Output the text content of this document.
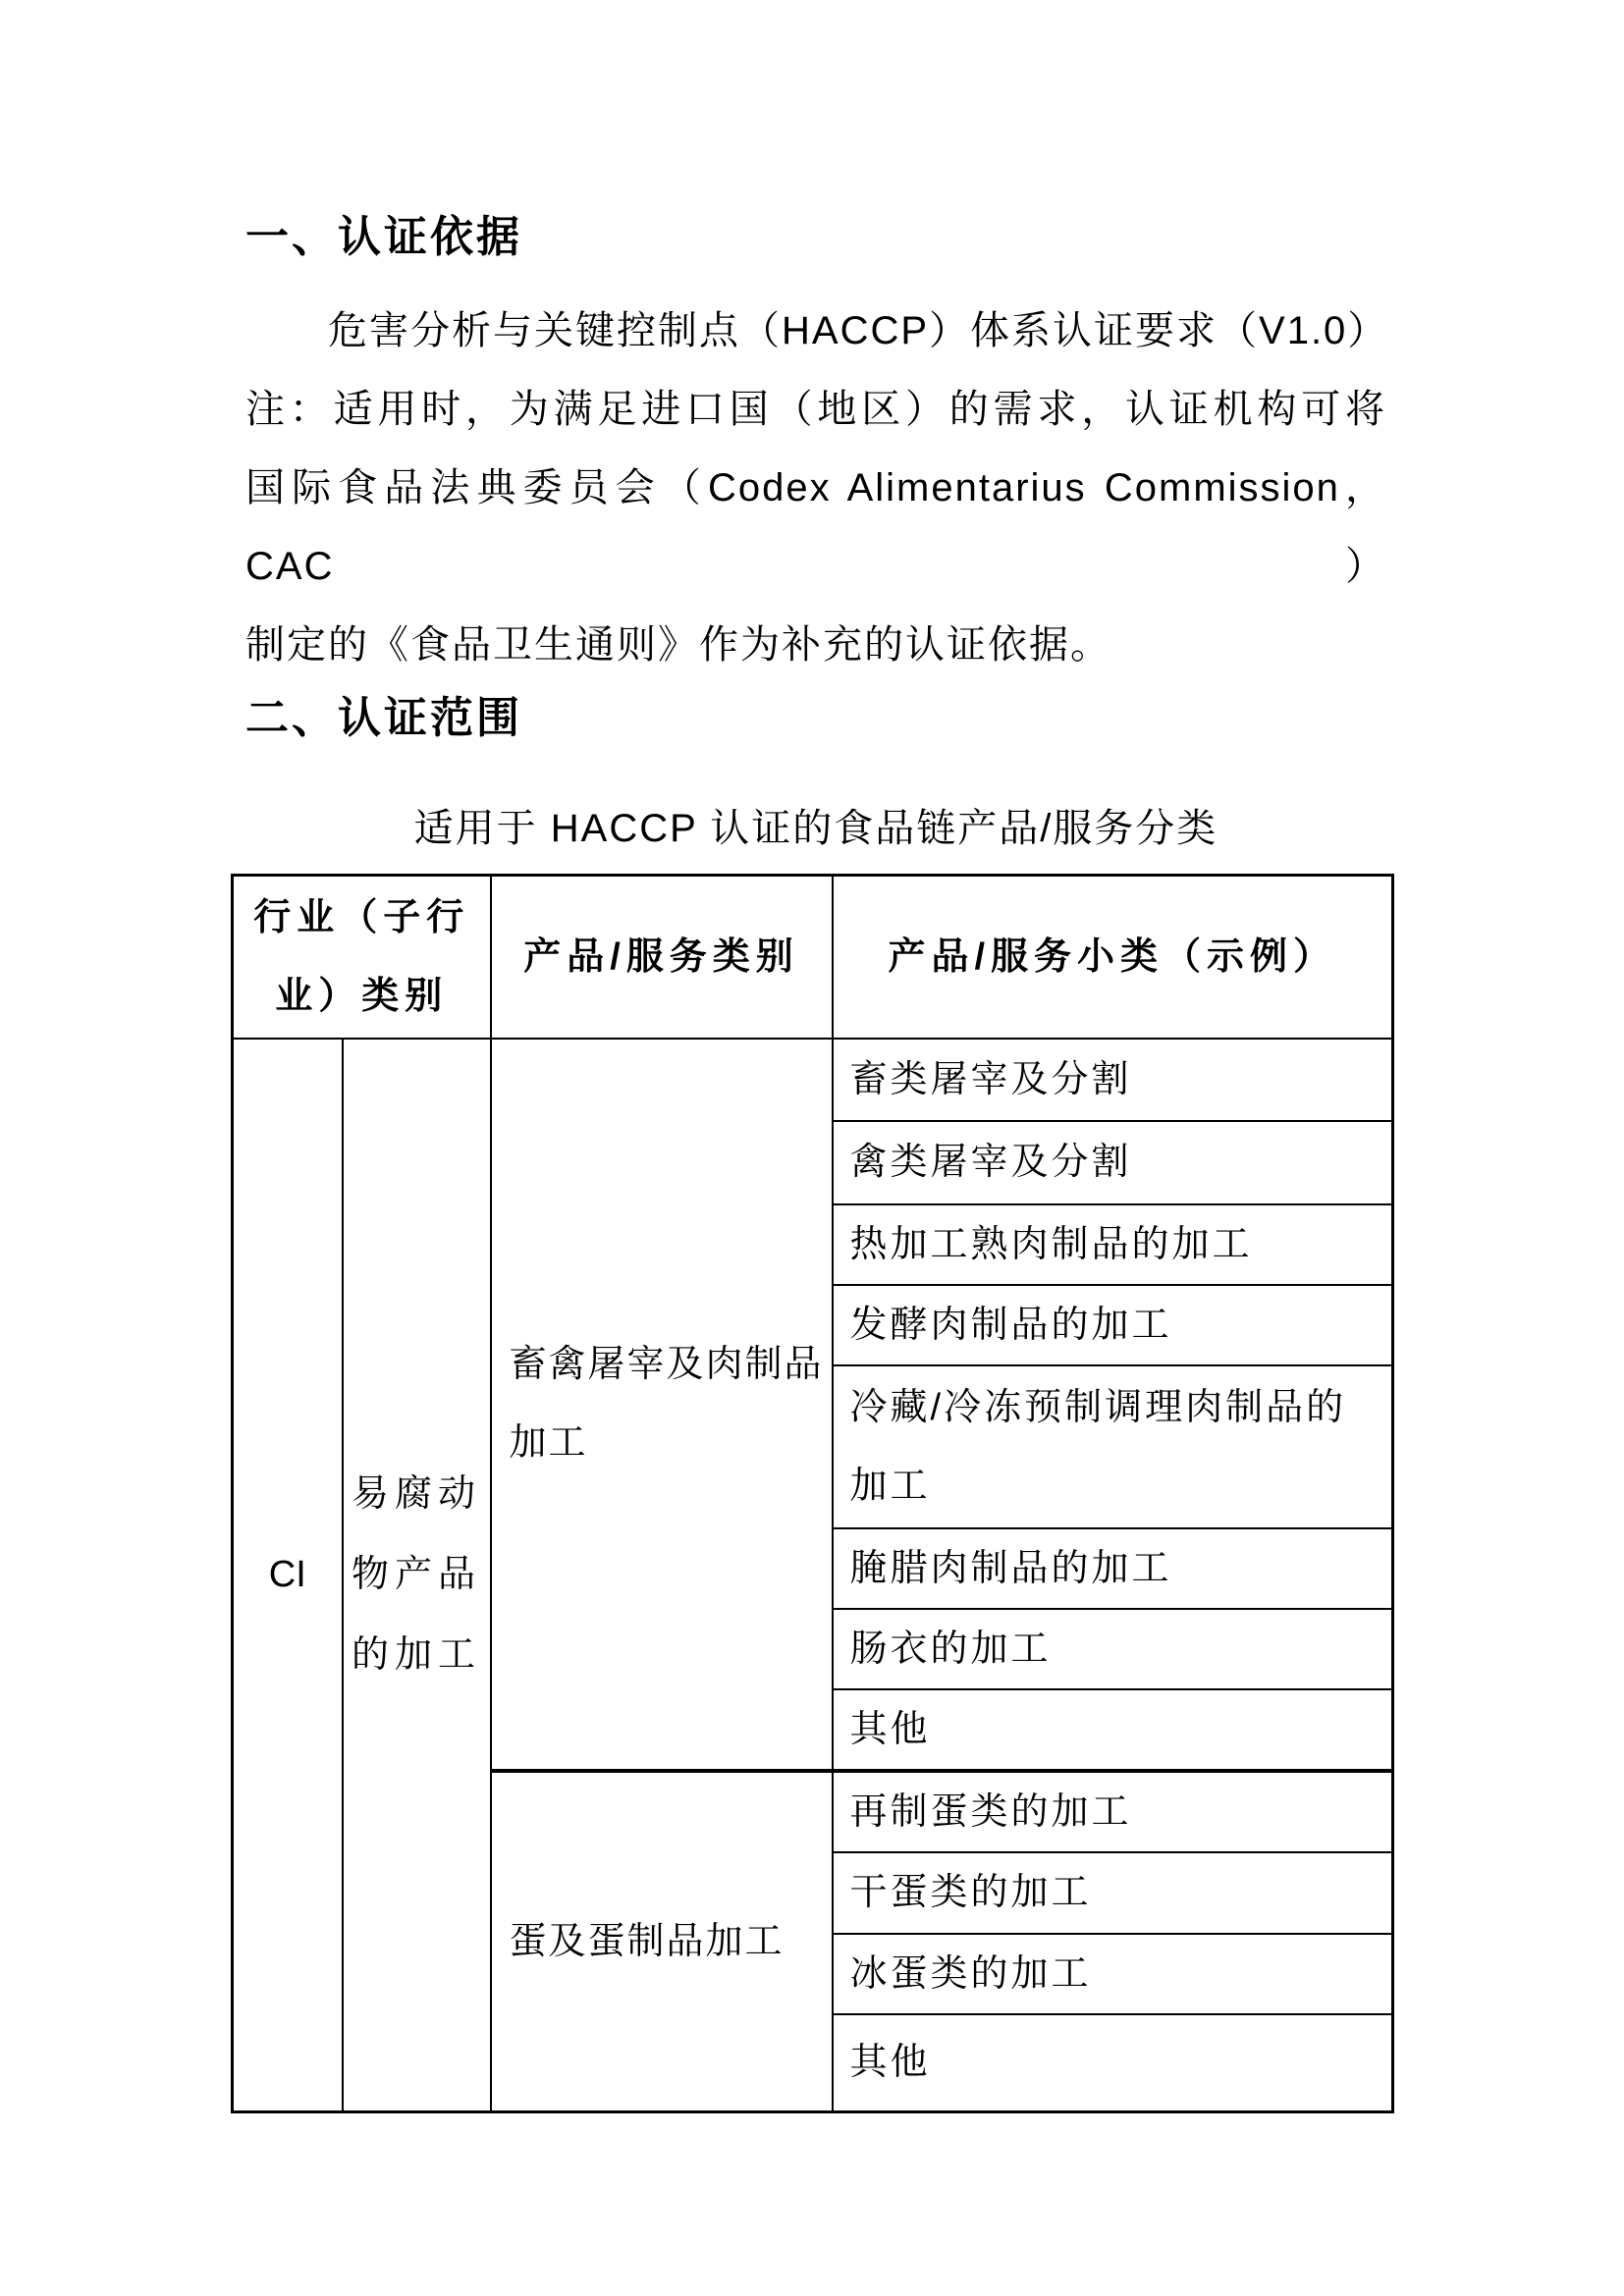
一、认证依据
危害分析与关键控制点（HACCP）体系认证要求（V1.0）
注：适用时，为满足进口国（地区）的需求，认证机构可将
国际食品法典委员会（Codex Alimentarius Commission，CAC）
制定的《食品卫生通则》作为补充的认证依据。
二、认证范围
适用于 HACCP 认证的食品链产品/服务分类
行业（子行业）类别		产品/服务类别	产品/服务小类（示例）
CI	易腐动物产品的加工	畜禽屠宰及肉制品加工	畜类屠宰及分割
			禽类屠宰及分割
			热加工熟肉制品的加工
			发酵肉制品的加工
			冷藏/冷冻预制调理肉制品的加工
			腌腊肉制品的加工
			肠衣的加工
			其他
		蛋及蛋制品加工	再制蛋类的加工
			干蛋类的加工
			冰蛋类的加工
			其他
